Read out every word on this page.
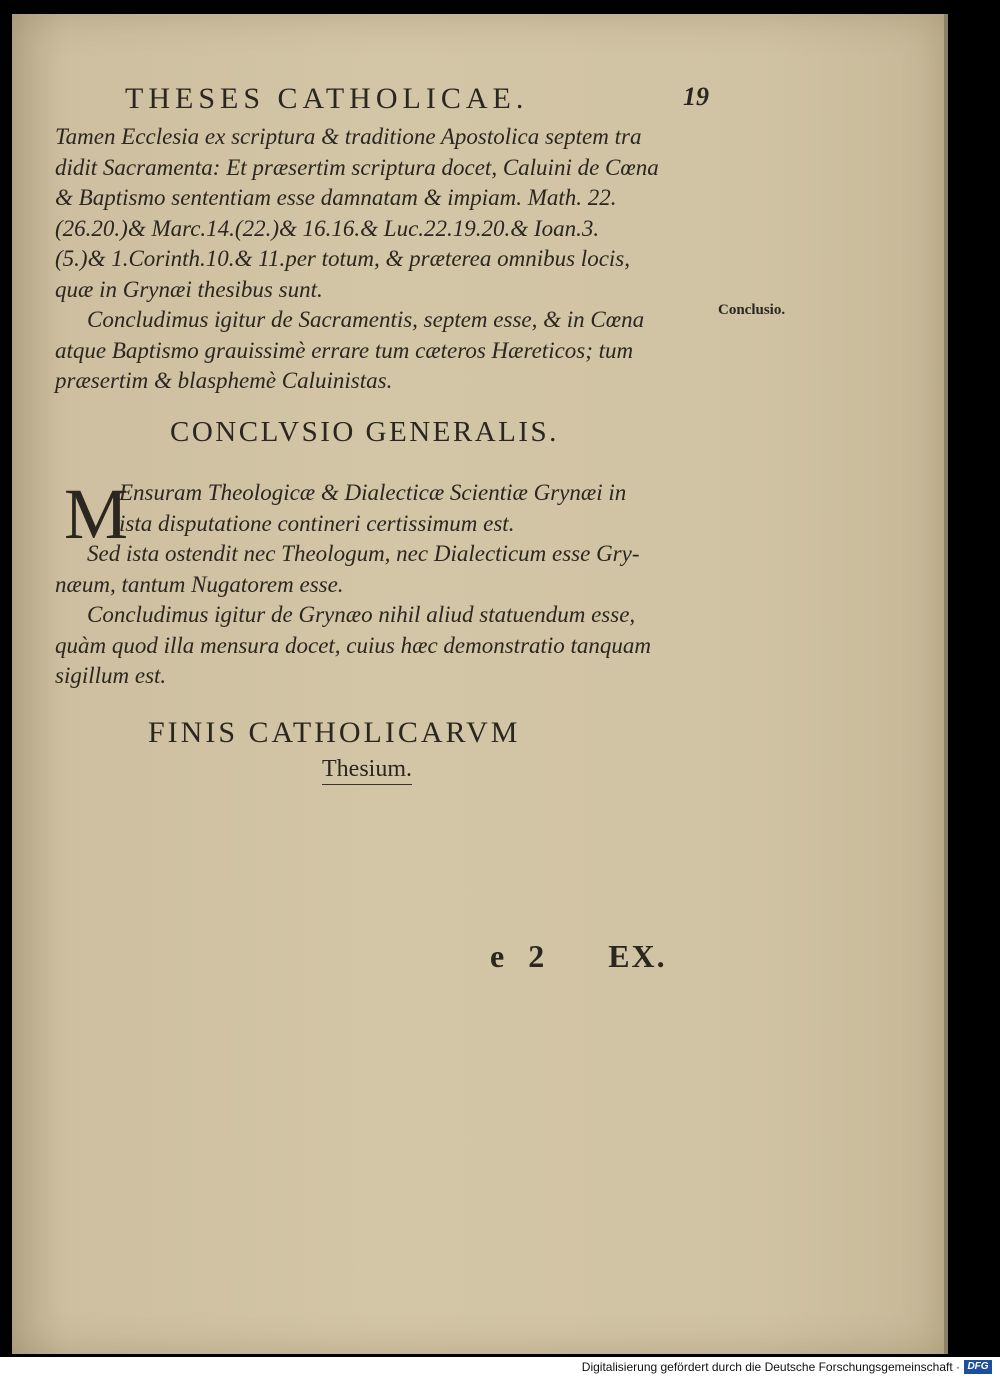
THESES CATHOLICAE.	19
Tamen Ecclesia ex scriptura & traditione Apostolica septem tra
didit Sacramenta: Et præsertim scriptura docet, Caluini de Cœna
& Baptismo sententiam esse damnatam & impiam. Math. 22.
(26.20.)& Marc.14.(22.)& 16.16.& Luc.22.19.20.& Ioan.3.
(5.)& 1.Corinth.10.& 11.per totum, & præterea omnibus locis,
quæ in Grynæi thesibus sunt.
Concludimus igitur de Sacramentis, septem esse, & in Cœna
atque Baptismo grauissimè errare tum cæteros Hæreticos; tum
præsertim & blasphemè Caluinistas.
Conclusio.
CONCLVSIO GENERALIS.
M
Ensuram Theologicæ & Dialecticæ Scientiæ Grynæi in
ista disputatione contineri certissimum est.
Sed ista ostendit nec Theologum, nec Dialecticum esse Gry-
næum, tantum Nugatorem esse.
Concludimus igitur de Grynæo nihil aliud statuendum esse,
quàm quod illa mensura docet, cuius hæc demonstratio tanquam
sigillum est.
FINIS CATHOLICARVM
Thesium.
e 2 EX.
Digitalisierung gefördert durch die Deutsche Forschungsgemeinschaft · DFG
